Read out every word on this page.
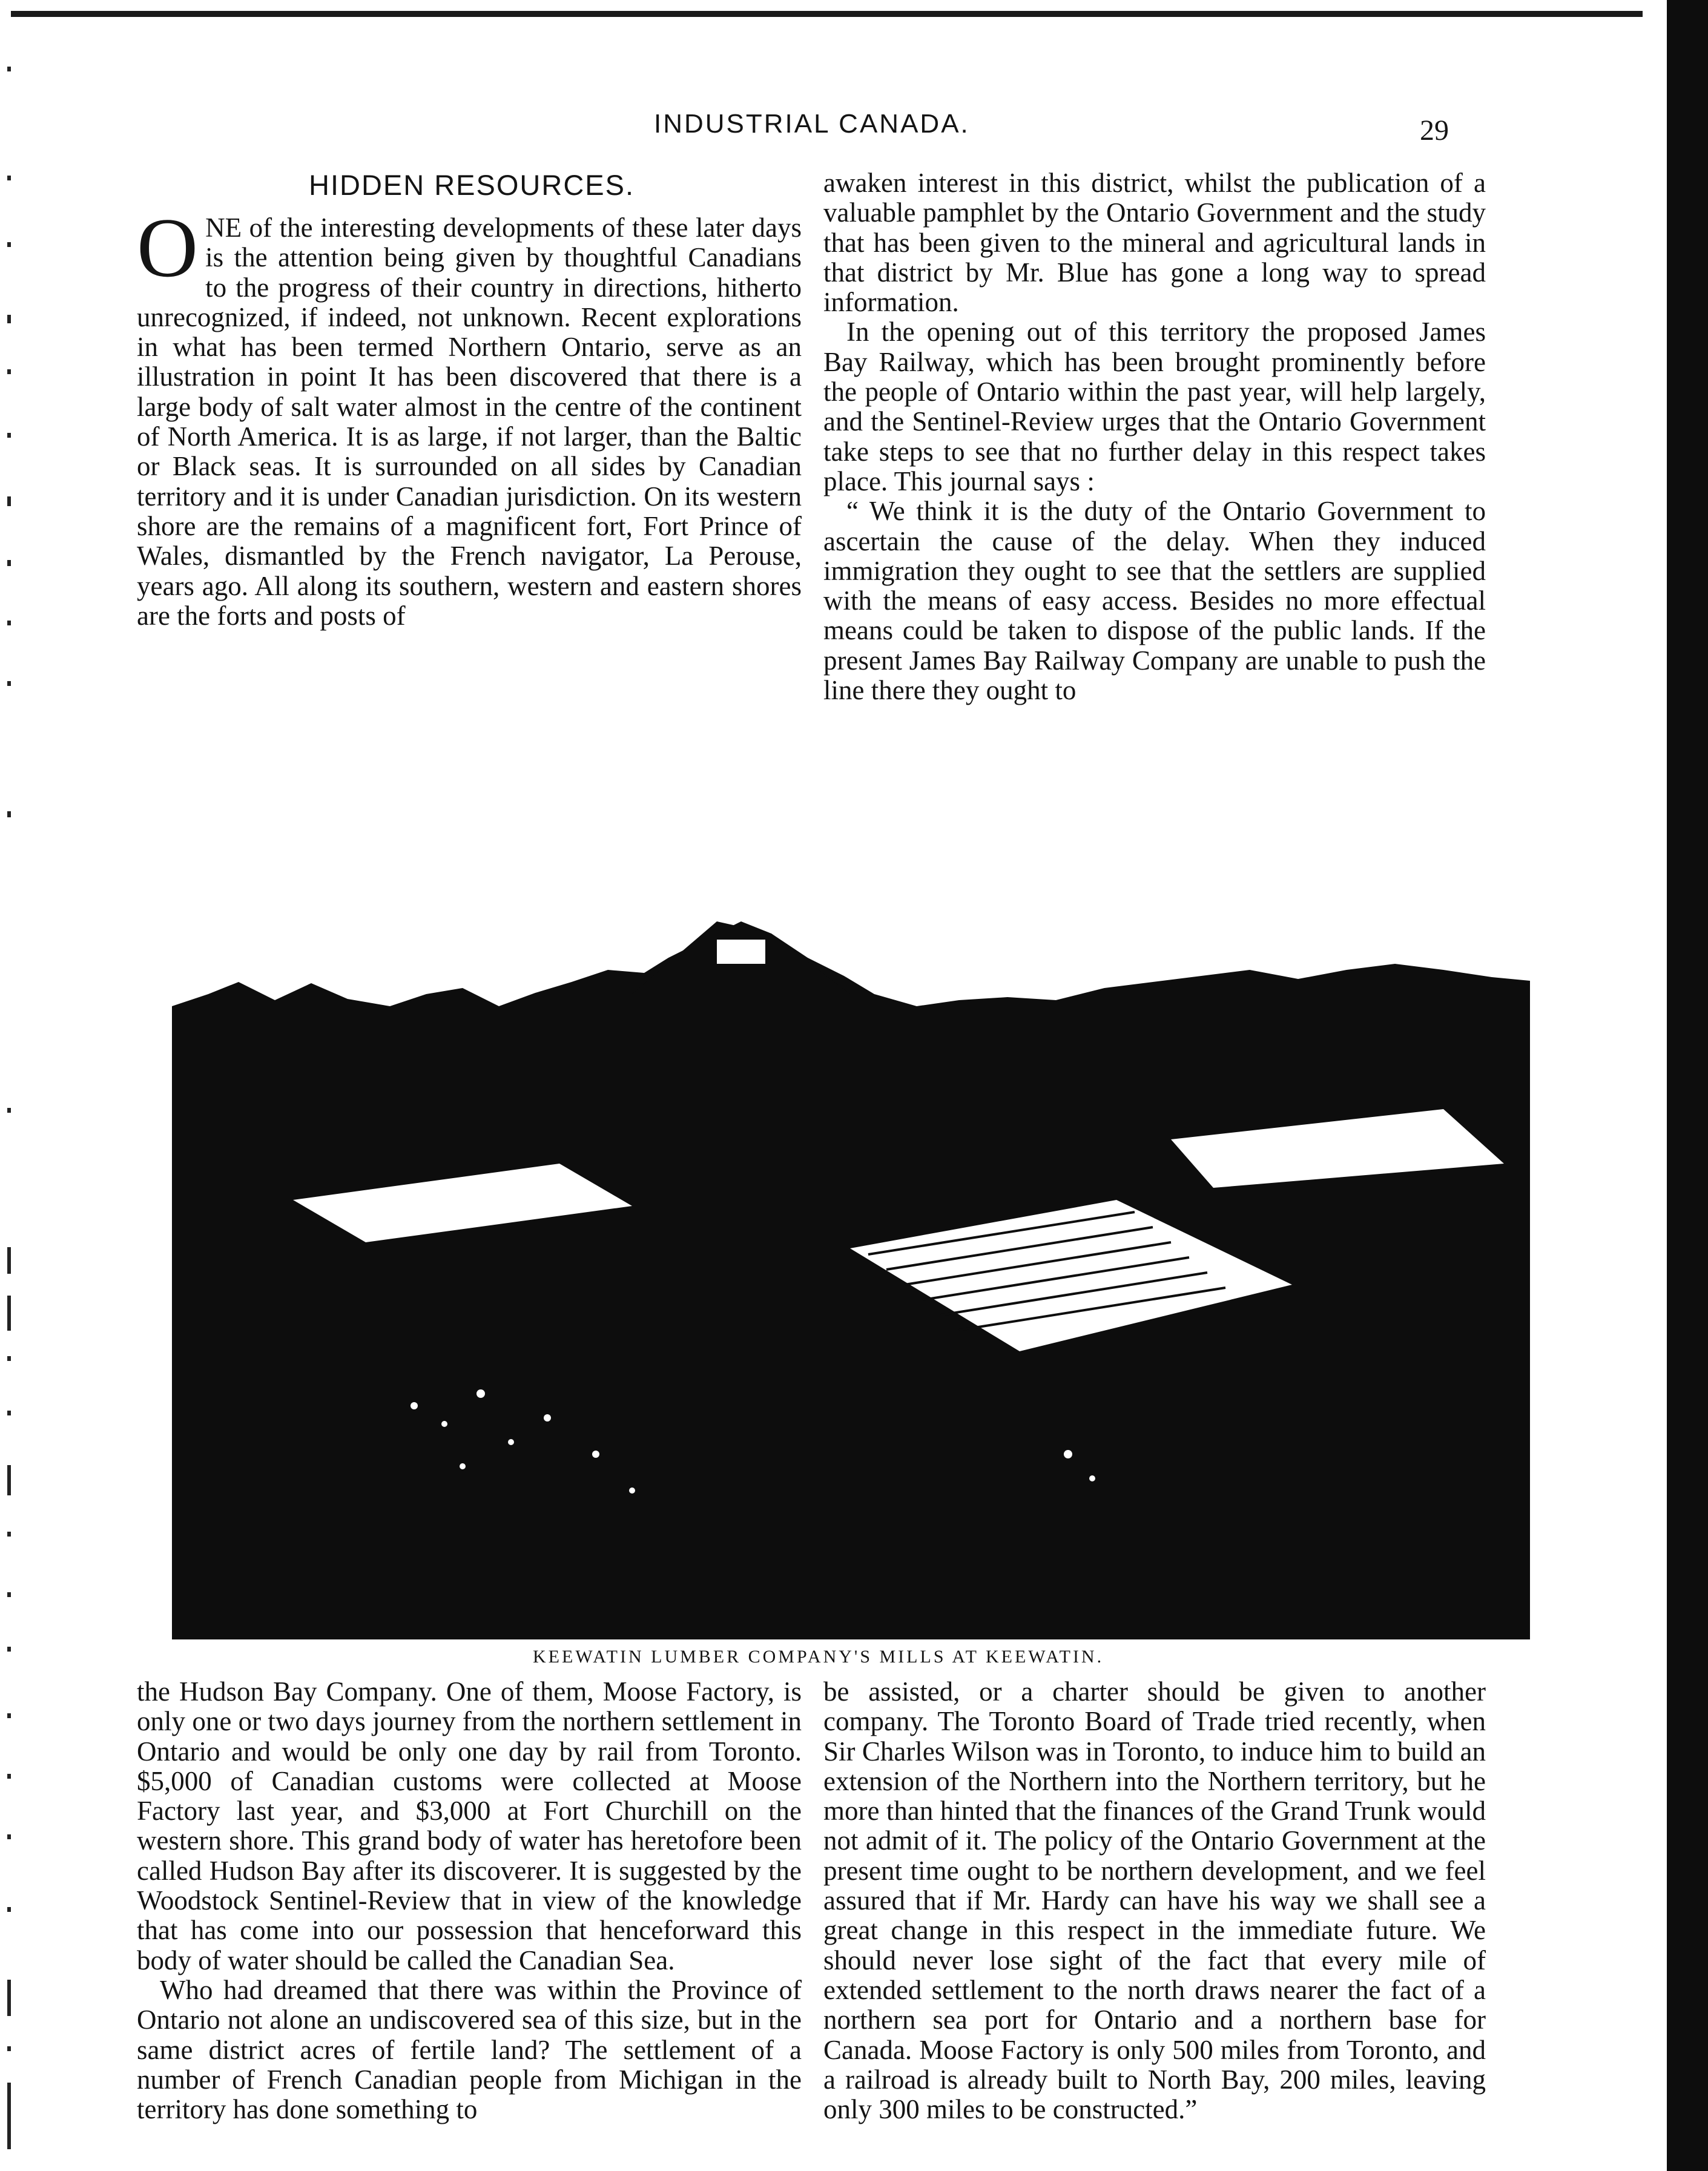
INDUSTRIAL CANADA.	29
HIDDEN RESOURCES.
O NE of the interesting developments of these later days is the attention being given by thoughtful Canadians to the progress of their country in directions, hitherto unrecognized, if indeed, not unknown. Recent explorations in what has been termed Northern Ontario, serve as an illustration in point It has been discovered that there is a large body of salt water almost in the centre of the continent of North America. It is as large, if not larger, than the Baltic or Black seas. It is surrounded on all sides by Canadian territory and it is under Canadian jurisdiction. On its western shore are the remains of a magnificent fort, Fort Prince of Wales, dismantled by the French navigator, La Perouse, years ago. All along its southern, western and eastern shores are the forts and posts of

awaken interest in this district, whilst the publication of a valuable pamphlet by the Ontario Government and the study that has been given to the mineral and agricultural lands in that district by Mr. Blue has gone a long way to spread information.

In the opening out of this territory the proposed James Bay Railway, which has been brought prominently before the people of Ontario within the past year, will help largely, and the Sentinel-Review urges that the Ontario Government take steps to see that no further delay in this respect takes place. This journal says :

“ We think it is the duty of the Ontario Government to ascertain the cause of the delay. When they induced immigration they ought to see that the settlers are supplied with the means of easy access. Besides no more effectual means could be taken to dispose of the public lands. If the present James Bay Railway Company are unable to push the line there they ought to

KEEWATIN LUMBER COMPANY'S MILLS AT KEEWATIN.

the Hudson Bay Company. One of them, Moose Factory, is only one or two days journey from the northern settlement in Ontario and would be only one day by rail from Toronto. $5,000 of Canadian customs were collected at Moose Factory last year, and $3,000 at Fort Churchill on the western shore. This grand body of water has heretofore been called Hudson Bay after its discoverer. It is suggested by the Woodstock Sentinel-Review that in view of the knowledge that has come into our possession that henceforward this body of water should be called the Canadian Sea.

Who had dreamed that there was within the Province of Ontario not alone an undiscovered sea of this size, but in the same district acres of fertile land? The settlement of a number of French Canadian people from Michigan in the territory has done something to

be assisted, or a charter should be given to another company. The Toronto Board of Trade tried recently, when Sir Charles Wilson was in Toronto, to induce him to build an extension of the Northern into the Northern territory, but he more than hinted that the finances of the Grand Trunk would not admit of it. The policy of the Ontario Government at the present time ought to be northern development, and we feel assured that if Mr. Hardy can have his way we shall see a great change in this respect in the immediate future. We should never lose sight of the fact that every mile of extended settlement to the north draws nearer the fact of a northern sea port for Ontario and a northern base for Canada. Moose Factory is only 500 miles from Toronto, and a railroad is already built to North Bay, 200 miles, leaving only 300 miles to be constructed.”
